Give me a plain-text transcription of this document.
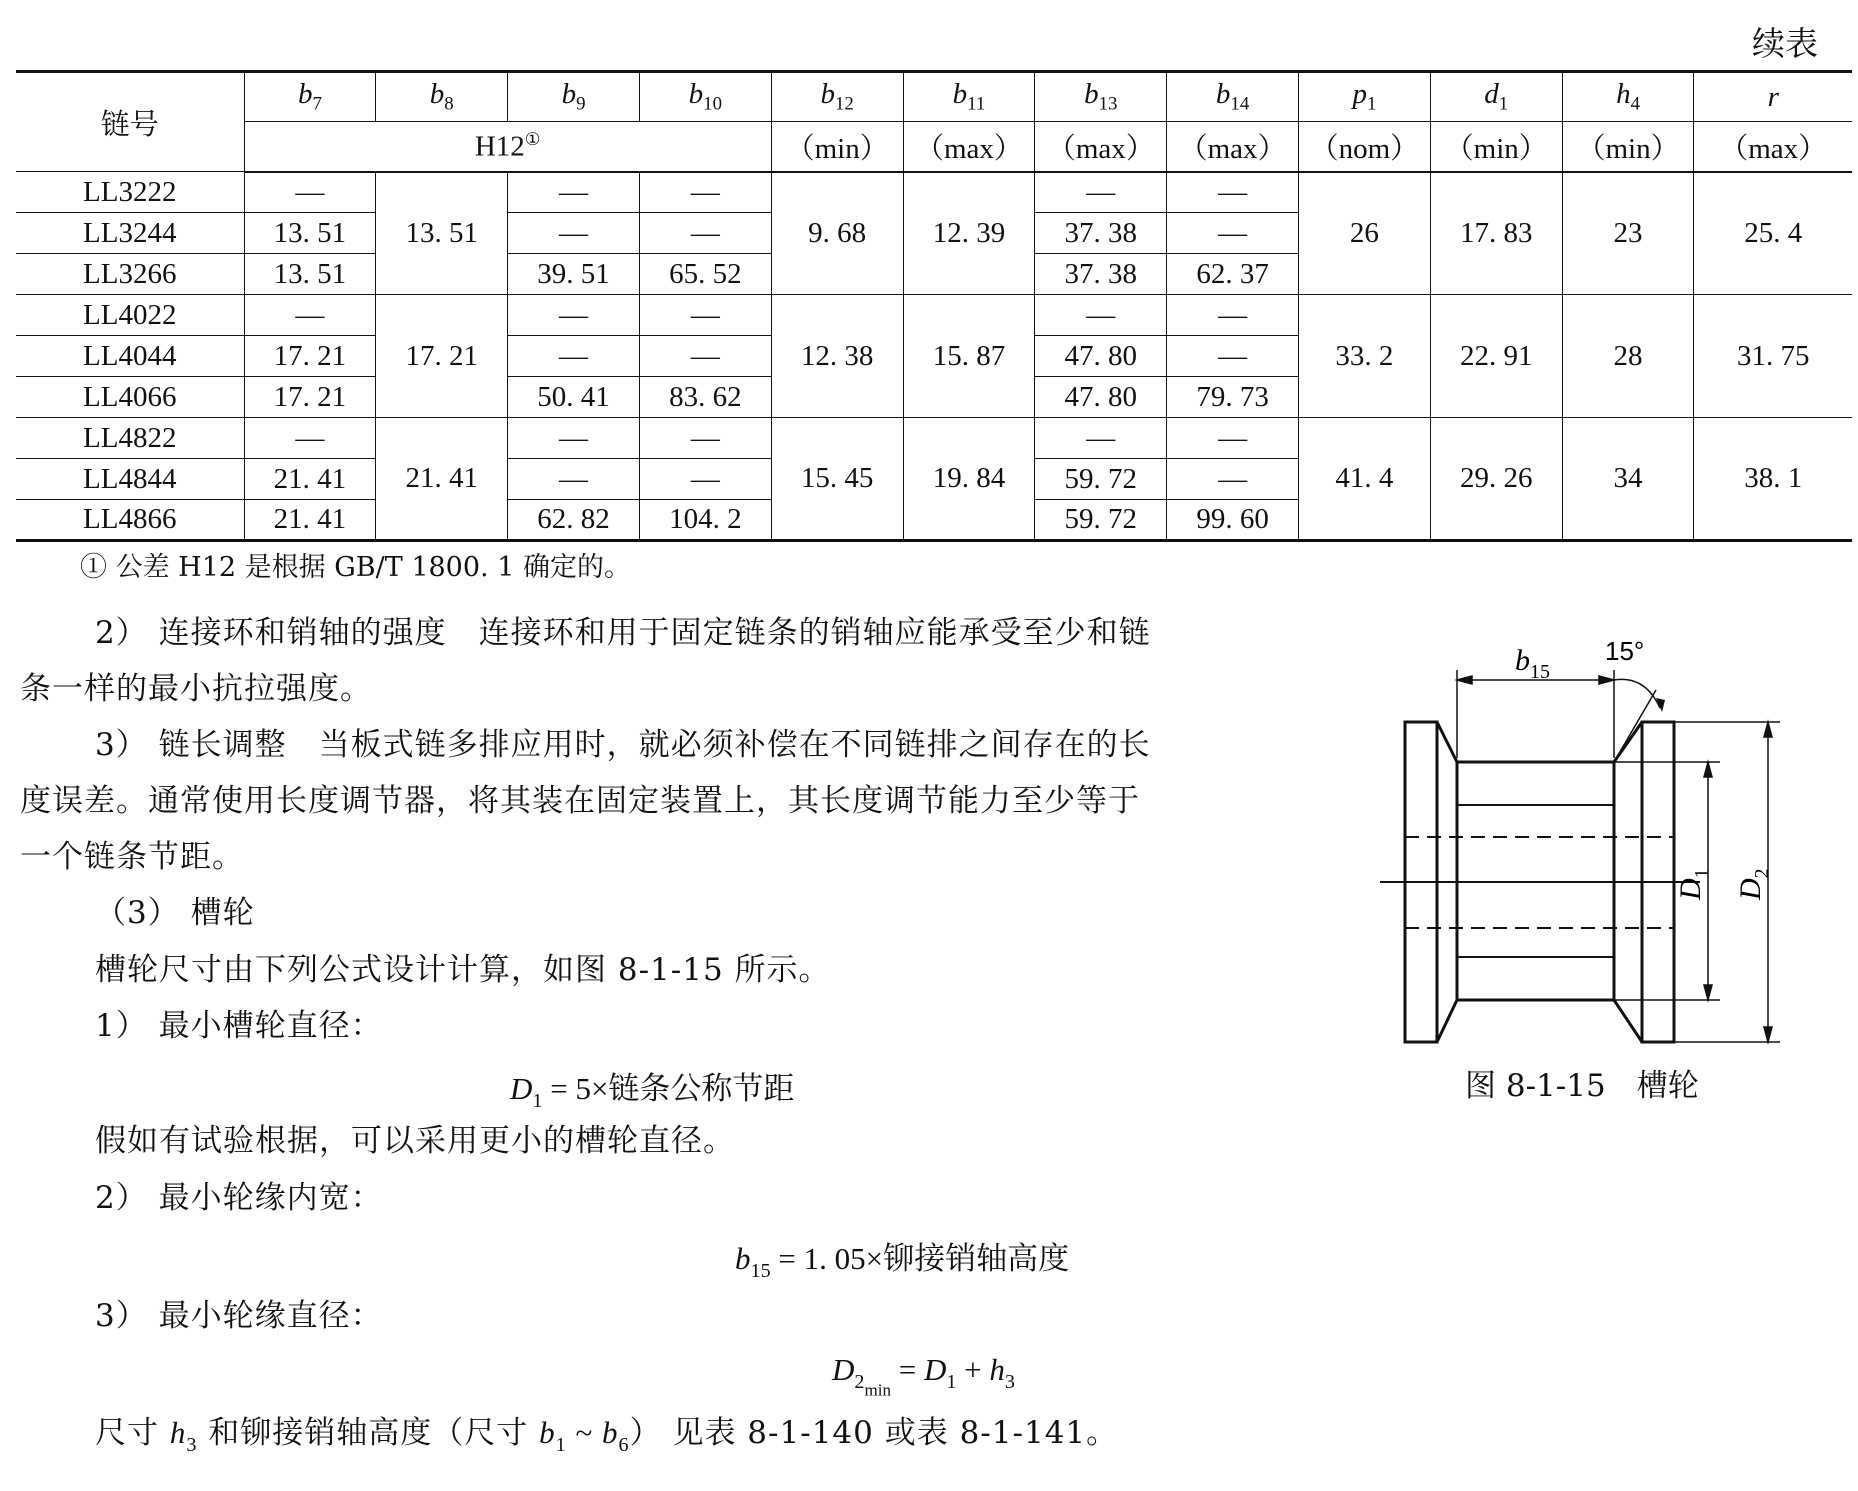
续表
链号	$b_7$	$b_8$	$b_9$	$b_{10}$	$b_{12}$	$b_{11}$	$b_{13}$	$b_{14}$	$p_1$	$d_1$	$h_4$	r
	H12①				（min）	（max）	（max）	（max）	（nom）	（min）	（min）	（max）
LL3222	—	13. 51	—	—	9. 68	12. 39	—	—	26	17. 83	23	25. 4
LL3244	13. 51		—	—			37. 38	—				
LL3266	13. 51		39. 51	65. 52			37. 38	62. 37				
LL4022	—	17. 21	—	—	12. 38	15. 87	—	—	33. 2	22. 91	28	31. 75
LL4044	17. 21		—	—			47. 80	—				
LL4066	17. 21		50. 41	83. 62			47. 80	79. 73				
LL4822	—	21. 41	—	—	15. 45	19. 84	—	—	41. 4	29. 26	34	38. 1
LL4844	21. 41		—	—			59. 72	—				
LL4866	21. 41		62. 82	104. 2			59. 72	99. 60				
① 公差 H12 是根据 GB/T 1800. 1 确定的。
2） 连接环和销轴的强度　连接环和用于固定链条的销轴应能承受至少和链
条一样的最小抗拉强度。
3） 链长调整　当板式链多排应用时，就必须补偿在不同链排之间存在的长
度误差。通常使用长度调节器，将其装在固定装置上，其长度调节能力至少等于
一个链条节距。
（3） 槽轮
槽轮尺寸由下列公式设计计算，如图 8-1-15 所示。
1） 最小槽轮直径：
$D_1 = 5\times$链条公称节距
假如有试验根据，可以采用更小的槽轮直径。
2） 最小轮缘内宽：
$b_{15} = 1$. 05×铆接销轴高度
3） 最小轮缘直径：
$D_{2min} = D_1 + h_3$
尺寸 $h_3$ 和铆接销轴高度（尺寸 $b_1$ ~ $b_6$） 见表 8-1-140 或表 8-1-141。
$b_{15}$
15°
$D_1$
$D_2$
图 8-1-15　槽轮
